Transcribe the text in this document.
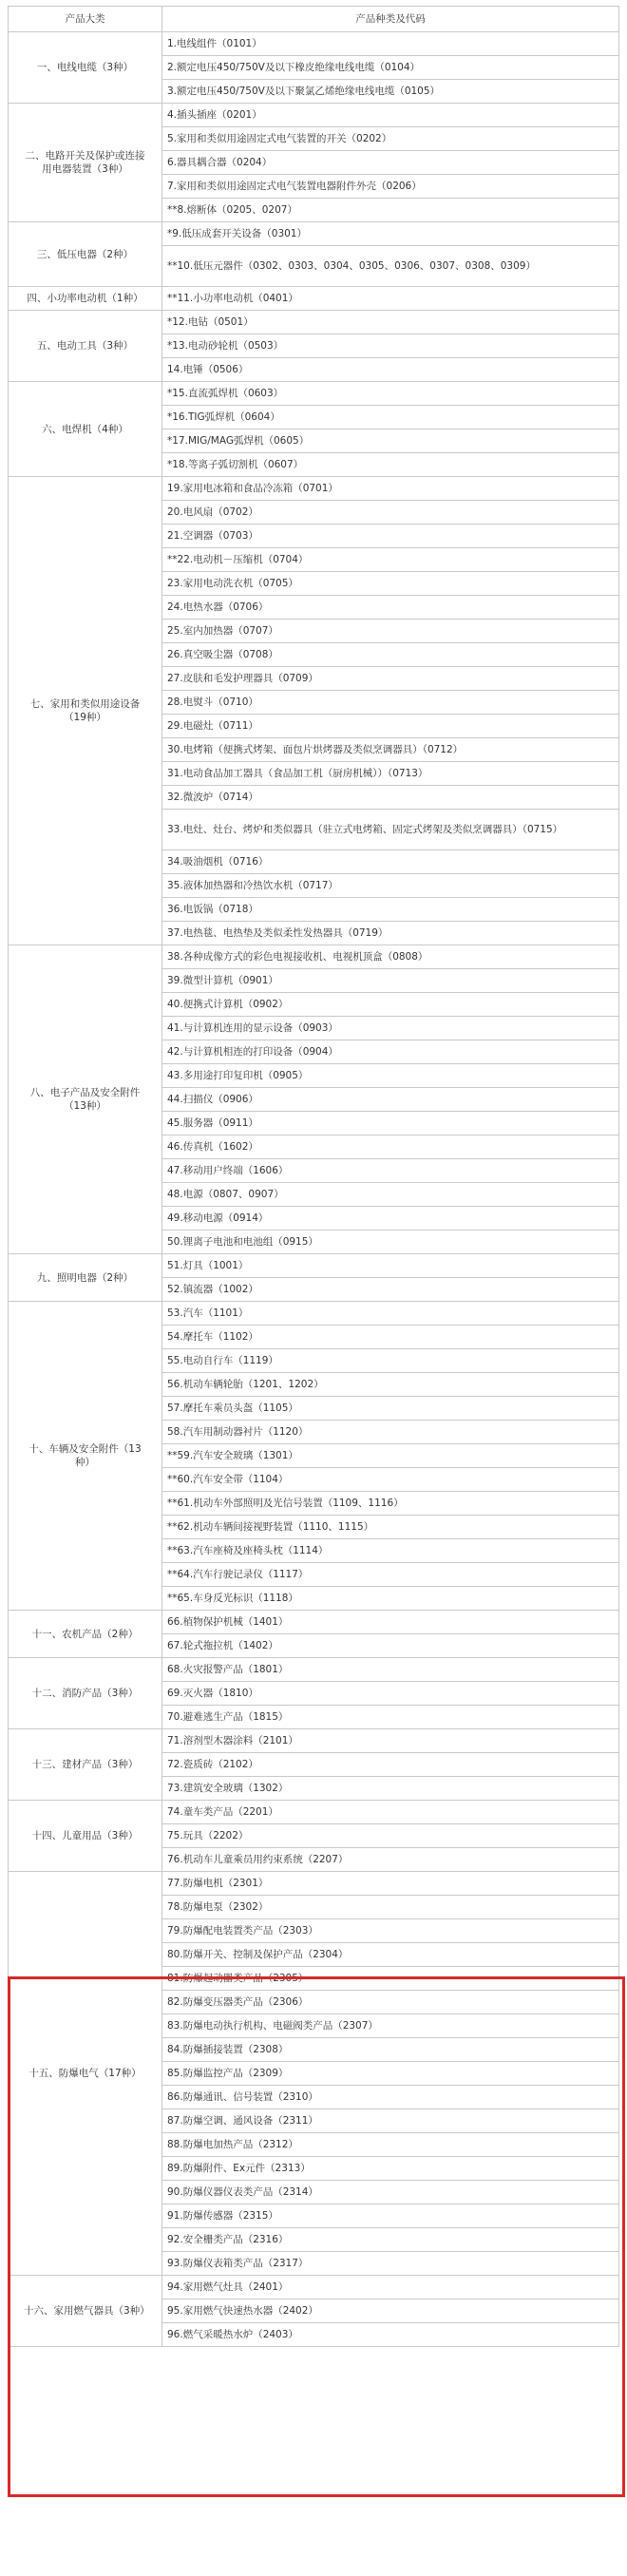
产品大类	产品种类及代码
一、电线电缆（3种）	1.电线组件（0101）
	2.额定电压450/750V及以下橡皮绝缘电线电缆（0104）
	3.额定电压450/750V及以下聚氯乙烯绝缘电线电缆（0105）
二、电路开关及保护或连接用电器装置（3种）	4.插头插座（0201）
	5.家用和类似用途固定式电气装置的开关（0202）
	6.器具耦合器（0204）
	7.家用和类似用途固定式电气装置电器附件外壳（0206）
	**8.熔断体（0205、0207）
三、低压电器（2种）	*9.低压成套开关设备（0301）
	**10.低压元器件（0302、0303、0304、0305、0306、0307、0308、0309）
四、小功率电动机（1种）	**11.小功率电动机（0401）
五、电动工具（3种）	*12.电钻（0501）
	*13.电动砂轮机（0503）
	14.电锤（0506）
六、电焊机（4种）	*15.直流弧焊机（0603）
	*16.TIG弧焊机（0604）
	*17.MIG/MAG弧焊机（0605）
	*18.等离子弧切割机（0607）
七、家用和类似用途设备（19种）	19.家用电冰箱和食品冷冻箱（0701）
	20.电风扇（0702）
	21.空调器（0703）
	**22.电动机－压缩机（0704）
	23.家用电动洗衣机（0705）
	24.电热水器（0706）
	25.室内加热器（0707）
	26.真空吸尘器（0708）
	27.皮肤和毛发护理器具（0709）
	28.电熨斗（0710）
	29.电磁灶（0711）
	30.电烤箱（便携式烤架、面包片烘烤器及类似烹调器具）（0712）
	31.电动食品加工器具（食品加工机（厨房机械））（0713）
	32.微波炉（0714）
	33.电灶、灶台、烤炉和类似器具（驻立式电烤箱、固定式烤架及类似烹调器具）（0715）
	34.吸油烟机（0716）
	35.液体加热器和冷热饮水机（0717）
	36.电饭锅（0718）
	37.电热毯、电热垫及类似柔性发热器具（0719）
八、电子产品及安全附件（13种）	38.各种成像方式的彩色电视接收机、电视机顶盒（0808）
	39.微型计算机（0901）
	40.便携式计算机（0902）
	41.与计算机连用的显示设备（0903）
	42.与计算机相连的打印设备（0904）
	43.多用途打印复印机（0905）
	44.扫描仪（0906）
	45.服务器（0911）
	46.传真机（1602）
	47.移动用户终端（1606）
	48.电源（0807、0907）
	49.移动电源（0914）
	50.锂离子电池和电池组（0915）
九、照明电器（2种）	51.灯具（1001）
	52.镇流器（1002）
十、车辆及安全附件（13种）	53.汽车（1101）
	54.摩托车（1102）
	55.电动自行车（1119）
	56.机动车辆轮胎（1201、1202）
	57.摩托车乘员头盔（1105）
	58.汽车用制动器衬片（1120）
	**59.汽车安全玻璃（1301）
	**60.汽车安全带（1104）
	**61.机动车外部照明及光信号装置（1109、1116）
	**62.机动车辆间接视野装置（1110、1115）
	**63.汽车座椅及座椅头枕（1114）
	**64.汽车行驶记录仪（1117）
	**65.车身反光标识（1118）
十一、农机产品（2种）	66.植物保护机械（1401）
	67.轮式拖拉机（1402）
十二、消防产品（3种）	68.火灾报警产品（1801）
	69.灭火器（1810）
	70.避难逃生产品（1815）
十三、建材产品（3种）	71.溶剂型木器涂料（2101）
	72.瓷质砖（2102）
	73.建筑安全玻璃（1302）
十四、儿童用品（3种）	74.童车类产品（2201）
	75.玩具（2202）
	76.机动车儿童乘员用约束系统（2207）
十五、防爆电气（17种）	77.防爆电机（2301）
	78.防爆电泵（2302）
	79.防爆配电装置类产品（2303）
	80.防爆开关、控制及保护产品（2304）
	81.防爆起动器类产品（2305）
	82.防爆变压器类产品（2306）
	83.防爆电动执行机构、电磁阀类产品（2307）
	84.防爆插接装置（2308）
	85.防爆监控产品（2309）
	86.防爆通讯、信号装置（2310）
	87.防爆空调、通风设备（2311）
	88.防爆电加热产品（2312）
	89.防爆附件、Ex元件（2313）
	90.防爆仪器仪表类产品（2314）
	91.防爆传感器（2315）
	92.安全栅类产品（2316）
	93.防爆仪表箱类产品（2317）
十六、家用燃气器具（3种）	94.家用燃气灶具（2401）
	95.家用燃气快速热水器（2402）
	96.燃气采暖热水炉（2403）
